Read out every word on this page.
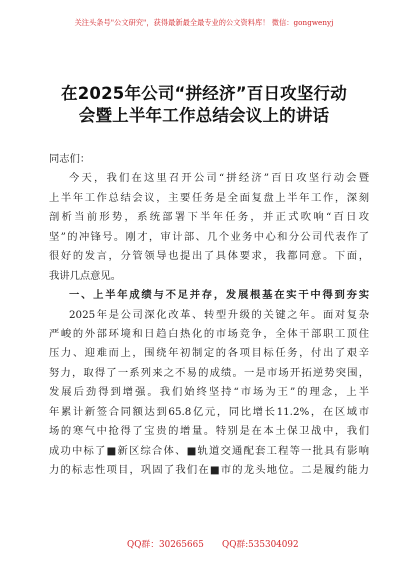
关注头条号"公文研究"，获得最新最全最专业的公文资料库！ 微信：gongwenyj
在2025年公司“拼经济”百日攻坚行动
会暨上半年工作总结会议上的讲话
同志们：
今天，我们在这里召开公司“拼经济”百日攻坚行动会暨
上半年工作总结会议，主要任务是全面复盘上半年工作，深刻
剖析当前形势，系统部署下半年任务，并正式吹响“百日攻
坚”的冲锋号。刚才，审计部、几个业务中心和分公司代表作了
很好的发言，分管领导也提出了具体要求，我都同意。下面，
我讲几点意见。
一、上半年成绩与不足并存，发展根基在实干中得到夯实
2025年是公司深化改革、转型升级的关键之年。面对复杂
严峻的外部环境和日趋白热化的市场竞争，全体干部职工顶住
压力、迎难而上，围绕年初制定的各项目标任务，付出了艰辛
努力，取得了一系列来之不易的成绩。一是市场开拓逆势突围，
发展后劲得到增强。我们始终坚持“市场为王”的理念，上半
年累计新签合同额达到65.8亿元，同比增长11.2%，在区域市
场的寒气中抢得了宝贵的增量。特别是在本土保卫战中，我们
成功中标了■新区综合体、■轨道交通配套工程等一批具有影响
力的标志性项目，巩固了我们在■市的龙头地位。二是履约能力
QQ群：30265665 QQ群:535304092
